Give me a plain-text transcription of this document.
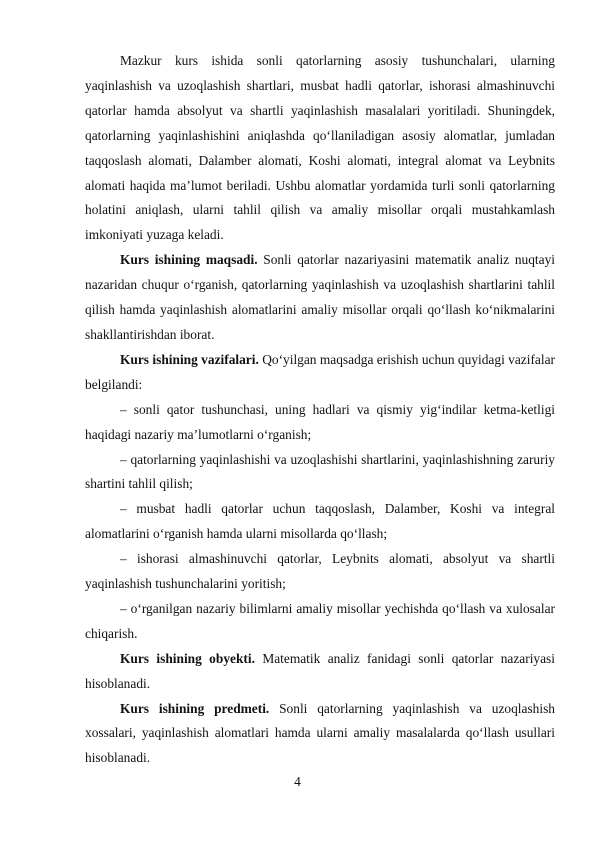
Mazkur kurs ishida sonli qatorlarning asosiy tushunchalari, ularning yaqinlashish va uzoqlashish shartlari, musbat hadli qatorlar, ishorasi almashinuvchi qatorlar hamda absolyut va shartli yaqinlashish masalalari yoritiladi. Shuningdek, qatorlarning yaqinlashishini aniqlashda qo‘llaniladigan asosiy alomatlar, jumladan taqqoslash alomati, Dalamber alomati, Koshi alomati, integral alomat va Leybnits alomati haqida ma’lumot beriladi. Ushbu alomatlar yordamida turli sonli qatorlarning holatini aniqlash, ularni tahlil qilish va amaliy misollar orqali mustahkamlash imkoniyati yuzaga keladi.

Kurs ishining maqsadi. Sonli qatorlar nazariyasini matematik analiz nuqtayi nazaridan chuqur o‘rganish, qatorlarning yaqinlashish va uzoqlashish shartlarini tahlil qilish hamda yaqinlashish alomatlarini amaliy misollar orqali qo‘llash ko‘nikmalarini shakllantirishdan iborat.

Kurs ishining vazifalari. Qo‘yilgan maqsadga erishish uchun quyidagi vazifalar belgilandi:

– sonli qator tushunchasi, uning hadlari va qismiy yig‘indilar ketma-ketligi haqidagi nazariy ma’lumotlarni o‘rganish;

– qatorlarning yaqinlashishi va uzoqlashishi shartlarini, yaqinlashishning zaruriy shartini tahlil qilish;

– musbat hadli qatorlar uchun taqqoslash, Dalamber, Koshi va integral alomatlarini o‘rganish hamda ularni misollarda qo‘llash;

– ishorasi almashinuvchi qatorlar, Leybnits alomati, absolyut va shartli yaqinlashish tushunchalarini yoritish;

– o‘rganilgan nazariy bilimlarni amaliy misollar yechishda qo‘llash va xulosalar chiqarish.

Kurs ishining obyekti. Matematik analiz fanidagi sonli qatorlar nazariyasi hisoblanadi.

Kurs ishining predmeti. Sonli qatorlarning yaqinlashish va uzoqlashish xossalari, yaqinlashish alomatlari hamda ularni amaliy masalalarda qo‘llash usullari hisoblanadi.

4
